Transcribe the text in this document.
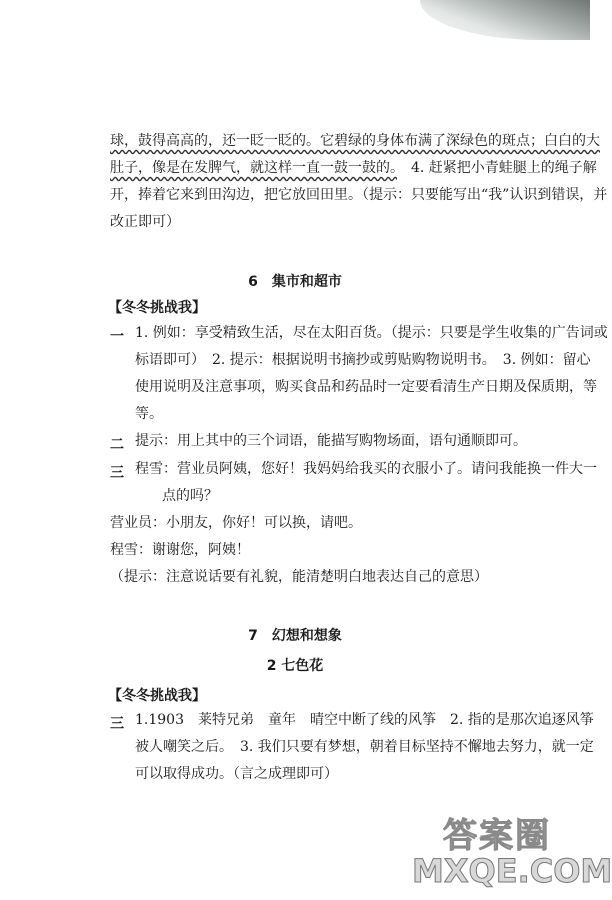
球，鼓得高高的，还一眨一眨的。它碧绿的身体布满了深绿色的斑点；白白的大
肚子，像是在发脾气，就这样一直一鼓一鼓的。　 4. 赶紧把小青蛙腿上的绳子解
开，捧着它来到田沟边，把它放回田里。（提示：只要能写出“我”认识到错误，并
改正即可）
6　集市和超市
【冬冬挑战我】
一 1. 例如：享受精致生活，尽在太阳百货。（提示：只要是学生收集的广告词或
标语即可）　2. 提示：根据说明书摘抄或剪贴购物说明书。　3. 例如：留心
使用说明及注意事项，购买食品和药品时一定要看清生产日期及保质期，等
等。
二 提示：用上其中的三个词语，能描写购物场面，语句通顺即可。
三 程雪：营业员阿姨，您好！我妈妈给我买的衣服小了。请问我能换一件大一
点的吗？
营业员：小朋友，你好！可以换，请吧。
程雪：谢谢您，阿姨！
（提示：注意说话要有礼貌，能清楚明白地表达自己的意思）
7　幻想和想象
2 七色花
【冬冬挑战我】
三 1.1903　莱特兄弟　童年　晴空中断了线的风筝　2. 指的是那次追逐风筝
被人嘲笑之后。　3. 我们只要有梦想，朝着目标坚持不懈地去努力，就一定
可以取得成功。（言之成理即可）
答案圈
MXQE.COM
